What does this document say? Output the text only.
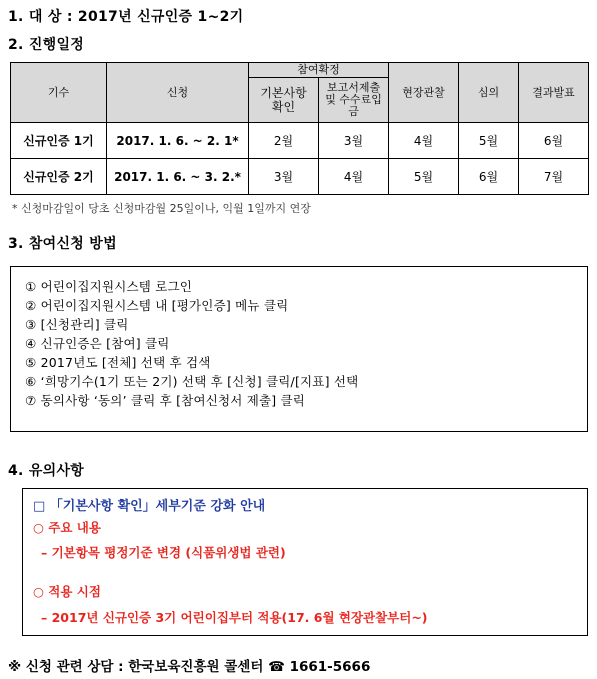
1. 대 상 : 2017년 신규인증 1~2기
2. 진행일정
기수	신청	참여확정		현장관찰	심의	결과발표

		기본사항 확인	보고서제출 및 수수료입금			

신규인증 1기	2017. 1. 6. ~ 2. 1*	2월	3월	4월	5월	6월
신규인증 2기	2017. 1. 6. ~ 3. 2.*	3월	4월	5월	6월	7월
* 신청마감일이 당초 신청마감월 25일이나, 익월 1일까지 연장
3. 참여신청 방법
① 어린이집지원시스템 로그인
② 어린이집지원시스템 내 [평가인증] 메뉴 클릭
③ [신청관리] 클릭
④ 신규인증은 [참여] 클릭
⑤ 2017년도 [전체] 선택 후 검색
⑥ ‘희망기수(1기 또는 2기) 선택 후 [신청] 클릭/[지표] 선택
⑦ 동의사항 ‘동의’ 클릭 후 [참여신청서 제출] 클릭
4. 유의사항
□ 「기본사항 확인」세부기준 강화 안내
○ 주요 내용
– 기본항목 평정기준 변경 (식품위생법 관련)
○ 적용 시점
– 2017년 신규인증 3기 어린이집부터 적용(17. 6월 현장관찰부터~)
※ 신청 관련 상담 : 한국보육진흥원 콜센터 ☎ 1661-5666
